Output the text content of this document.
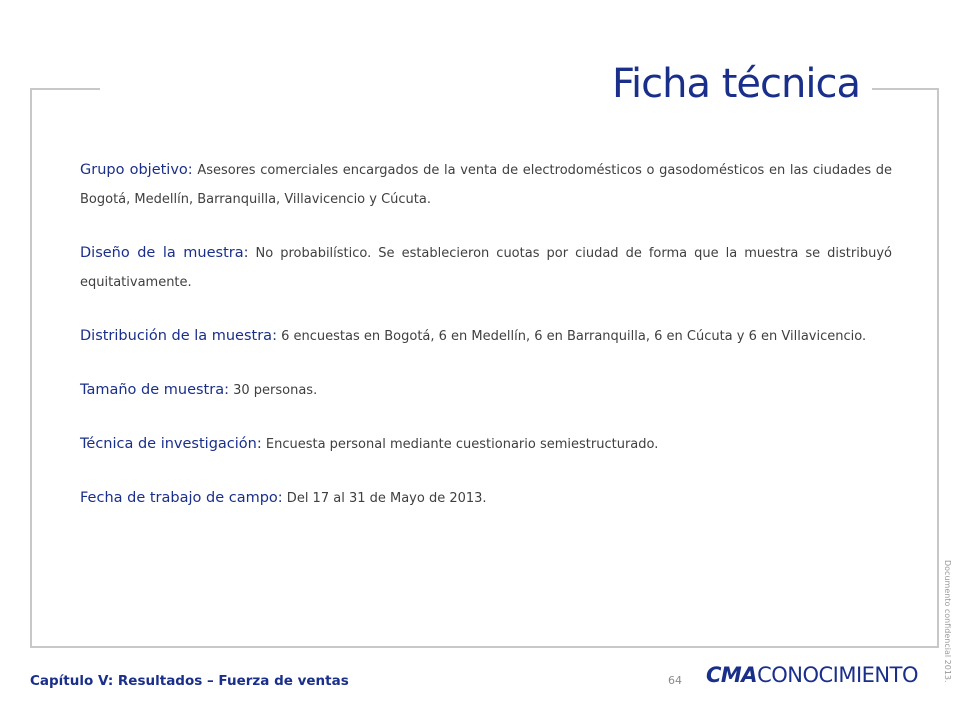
Ficha técnica

Grupo objetivo: Asesores comerciales encargados de la venta de electrodomésticos o gasodomésticos en las ciudades de Bogotá, Medellín, Barranquilla, Villavicencio y Cúcuta.

Diseño de la muestra: No probabilístico. Se establecieron cuotas por ciudad de forma que la muestra se distribuyó equitativamente.

Distribución de la muestra: 6 encuestas en Bogotá, 6 en Medellín, 6 en Barranquilla, 6 en Cúcuta y 6 en Villavicencio.

Tamaño de muestra: 30 personas.

Técnica de investigación: Encuesta personal mediante cuestionario semiestructurado.

Fecha de trabajo de campo: Del 17 al 31 de Mayo de 2013.

Documento confidencial 2013.
Capítulo V: Resultados – Fuerza de ventas	64 CMACONOCIMIENTO
